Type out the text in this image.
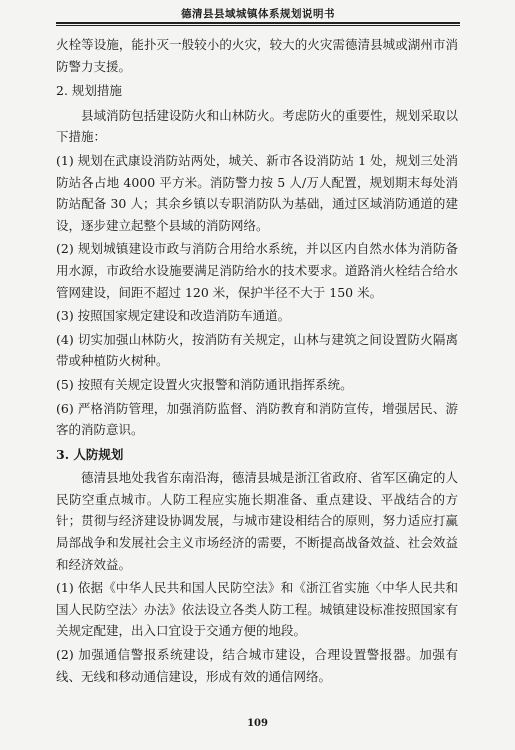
德清县县域城镇体系规划说明书

火栓等设施，能扑灭一般较小的火灾，较大的火灾需德清县城或湖州市消防警力支援。

2. 规划措施

县域消防包括建设防火和山林防火。考虑防火的重要性，规划采取以下措施：

(1) 规划在武康设消防站两处，城关、新市各设消防站 1 处，规划三处消防站各占地 4000 平方米。消防警力按 5 人/万人配置，规划期末每处消防站配备 30 人；其余乡镇以专职消防队为基础，通过区域消防通道的建设，逐步建立起整个县域的消防网络。

(2) 规划城镇建设市政与消防合用给水系统，并以区内自然水体为消防备用水源，市政给水设施要满足消防给水的技术要求。道路消火栓结合给水管网建设，间距不超过 120 米，保护半径不大于 150 米。

(3) 按照国家规定建设和改造消防车通道。

(4) 切实加强山林防火，按消防有关规定，山林与建筑之间设置防火隔离带或种植防火树种。

(5) 按照有关规定设置火灾报警和消防通讯指挥系统。

(6) 严格消防管理，加强消防监督、消防教育和消防宣传，增强居民、游客的消防意识。

3. 人防规划

德清县地处我省东南沿海，德清县城是浙江省政府、省军区确定的人民防空重点城市。人防工程应实施长期准备、重点建设、平战结合的方针；贯彻与经济建设协调发展，与城市建设相结合的原则，努力适应打赢局部战争和发展社会主义市场经济的需要，不断提高战备效益、社会效益和经济效益。

(1) 依据《中华人民共和国人民防空法》和《浙江省实施〈中华人民共和国人民防空法〉办法》依法设立各类人防工程。城镇建设标准按照国家有关规定配建，出入口宜设于交通方便的地段。

(2) 加强通信警报系统建设，结合城市建设，合理设置警报器。加强有线、无线和移动通信建设，形成有效的通信网络。

109
